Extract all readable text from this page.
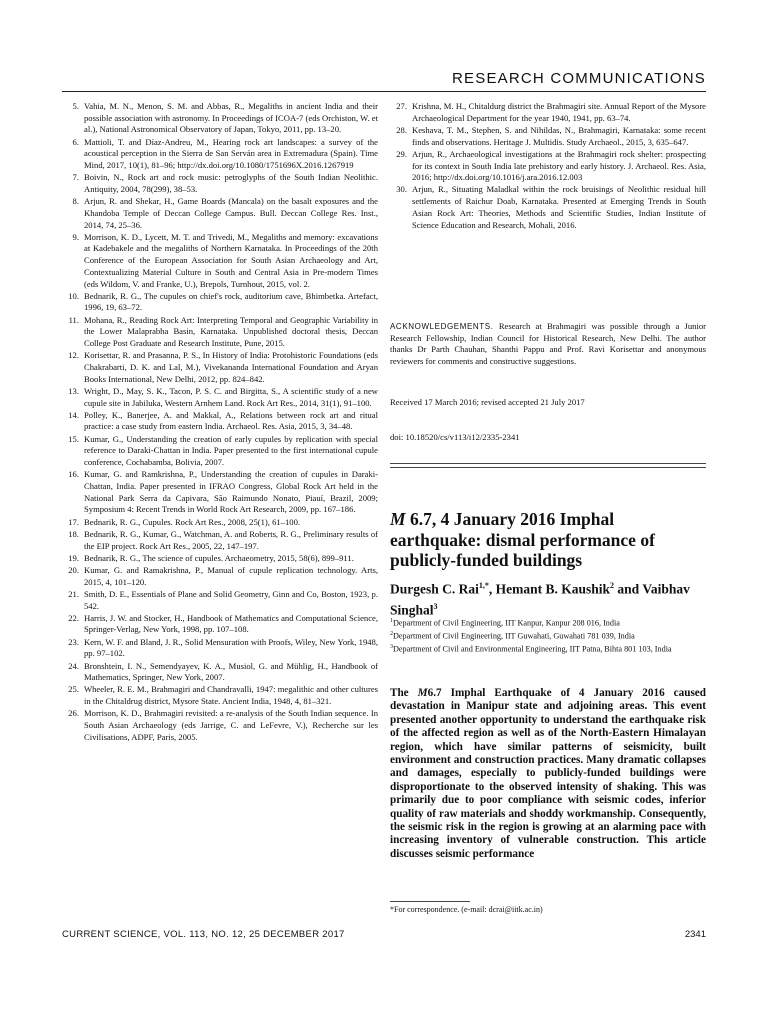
RESEARCH COMMUNICATIONS
5. Vahia, M. N., Menon, S. M. and Abbas, R., Megaliths in ancient India and their possible association with astronomy. In Proceedings of ICOA-7 (eds Orchiston, W. et al.), National Astronomical Observatory of Japan, Tokyo, 2011, pp. 13–20.
6. Mattioli, T. and Díaz-Andreu, M., Hearing rock art landscapes: a survey of the acoustical perception in the Sierra de San Serván area in Extremadura (Spain). Time Mind, 2017, 10(1), 81–96; http://dx.doi.org/10.1080/1751696X.2016.1267919
7. Boivin, N., Rock art and rock music: petroglyphs of the South Indian Neolithic. Antiquity, 2004, 78(299), 38–53.
8. Arjun, R. and Shekar, H., Game Boards (Mancala) on the basalt exposures and the Khandoba Temple of Deccan College Campus. Bull. Deccan College Res. Inst., 2014, 74, 25–36.
9. Morrison, K. D., Lycett, M. T. and Trivedi, M., Megaliths and memory: excavations at Kadebakele and the megaliths of Northern Karnataka. In Proceedings of the 20th Conference of the European Association for South Asian Archaeology and Art, Contextualizing Material Culture in South and Central Asia in Pre-modern Times (eds Wildom, V. and Franke, U.), Brepols, Turnhout, 2015, vol. 2.
10. Bednarik, R. G., The cupules on chief's rock, auditorium cave, Bhimbetka. Artefact, 1996, 19, 63–72.
11. Mohana, R., Reading Rock Art: Interpreting Temporal and Geographic Variability in the Lower Malaprabha Basin, Karnataka. Unpublished doctoral thesis, Deccan College Post Graduate and Research Institute, Pune, 2015.
12. Korisettar, R. and Prasanna, P. S., In History of India: Protohistoric Foundations (eds Chakrabarti, D. K. and Lal, M.), Vivekananda International Foundation and Aryan Books International, New Delhi, 2012, pp. 824–842.
13. Wright, D., May, S. K., Tacon, P. S. C. and Birgitta, S., A scientific study of a new cupule site in Jabiluka, Western Arnhem Land. Rock Art Res., 2014, 31(1), 91–100.
14. Polley, K., Banerjee, A. and Makkal, A., Relations between rock art and ritual practice: a case study from eastern India. Archaeol. Res. Asia, 2015, 3, 34–48.
15. Kumar, G., Understanding the creation of early cupules by replication with special reference to Daraki-Chattan in India. Paper presented to the first international cupule conference, Cochabamba, Bolivia, 2007.
16. Kumar, G. and Ramkrishna, P., Understanding the creation of cupules in Daraki-Chattan, India. Paper presented in IFRAO Congress, Global Rock Art held in the National Park Serra da Capivara, São Raimundo Nonato, Piauí, Brazil, 2009; Symposium 4: Recent Trends in World Rock Art Research, 2009, pp. 167–186.
17. Bednarik, R. G., Cupules. Rock Art Res., 2008, 25(1), 61–100.
18. Bednarik, R. G., Kumar, G., Watchman, A. and Roberts, R. G., Preliminary results of the EIP project. Rock Art Res., 2005, 22, 147–197.
19. Bednarik, R. G., The science of cupules. Archaeometry, 2015, 58(6), 899–911.
20. Kumar, G. and Ramakrishna, P., Manual of cupule replication technology. Arts, 2015, 4, 101–120.
21. Smith, D. E., Essentials of Plane and Solid Geometry, Ginn and Co, Boston, 1923, p. 542.
22. Harris, J. W. and Stocker, H., Handbook of Mathematics and Computational Science, Springer-Verlag, New York, 1998, pp. 107–108.
23. Kern, W. F. and Bland, J. R., Solid Mensuration with Proofs, Wiley, New York, 1948, pp. 97–102.
24. Bronshtein, I. N., Semendyayev, K. A., Musiol, G. and Mühlig, H., Handbook of Mathematics, Springer, New York, 2007.
25. Wheeler, R. E. M., Brahmagiri and Chandravalli, 1947: megalithic and other cultures in the Chitaldrug district, Mysore State. Ancient India, 1948, 4, 81–321.
26. Morrison, K. D., Brahmagiri revisited: a re-analysis of the South Indian sequence. In South Asian Archaeology (eds Jarrige, C. and LeFevre, V.), Recherche sur les Civilisations, ADPF, Paris, 2005.
27. Krishna, M. H., Chitaldurg district the Brahmagiri site. Annual Report of the Mysore Archaeological Department for the year 1940, 1941, pp. 63–74.
28. Keshava, T. M., Stephen, S. and Nihildas, N., Brahmagiri, Karnataka: some recent finds and observations. Heritage J. Multidis. Study Archaeol., 2015, 3, 635–647.
29. Arjun, R., Archaeological investigations at the Brahmagiri rock shelter: prospecting for its context in South India late prehistory and early history. J. Archaeol. Res. Asia, 2016; http://dx.doi.org/10.1016/j.ara.2016.12.003
30. Arjun, R., Situating Maladkal within the rock bruisings of Neolithic residual hill settlements of Raichur Doab, Karnataka. Presented at Emerging Trends in South Asian Rock Art: Theories, Methods and Scientific Studies, Indian Institute of Science Education and Research, Mohali, 2016.
ACKNOWLEDGEMENTS. Research at Brahmagiri was possible through a Junior Research Fellowship, Indian Council for Historical Research, New Delhi. The author thanks Dr Parth Chauhan, Shanthi Pappu and Prof. Ravi Korisettar and anonymous reviewers for comments and constructive suggestions.
Received 17 March 2016; revised accepted 21 July 2017
doi: 10.18520/cs/v113/i12/2335-2341
M 6.7, 4 January 2016 Imphal earthquake: dismal performance of publicly-funded buildings
Durgesh C. Rai$^{1,*}$, Hemant B. Kaushik$^2$ and Vaibhav Singhal$^3$
$^1$Department of Civil Engineering, IIT Kanpur, Kanpur 208 016, India
$^2$Department of Civil Engineering, IIT Guwahati, Guwahati 781 039, India
$^3$Department of Civil and Environmental Engineering, IIT Patna, Bihta 801 103, India
The M6.7 Imphal Earthquake of 4 January 2016 caused devastation in Manipur state and adjoining areas. This event presented another opportunity to understand the earthquake risk of the affected region as well as of the North-Eastern Himalayan region, which have similar patterns of seismicity, built environment and construction practices. Many dramatic collapses and damages, especially to publicly-funded buildings were disproportionate to the observed intensity of shaking. This was primarily due to poor compliance with seismic codes, inferior quality of raw materials and shoddy workmanship. Consequently, the seismic risk in the region is growing at an alarming pace with increasing inventory of vulnerable construction. This article discusses seismic performance
*For correspondence. (e-mail: dcrai@iitk.ac.in)
CURRENT SCIENCE, VOL. 113, NO. 12, 25 DECEMBER 2017	2341
